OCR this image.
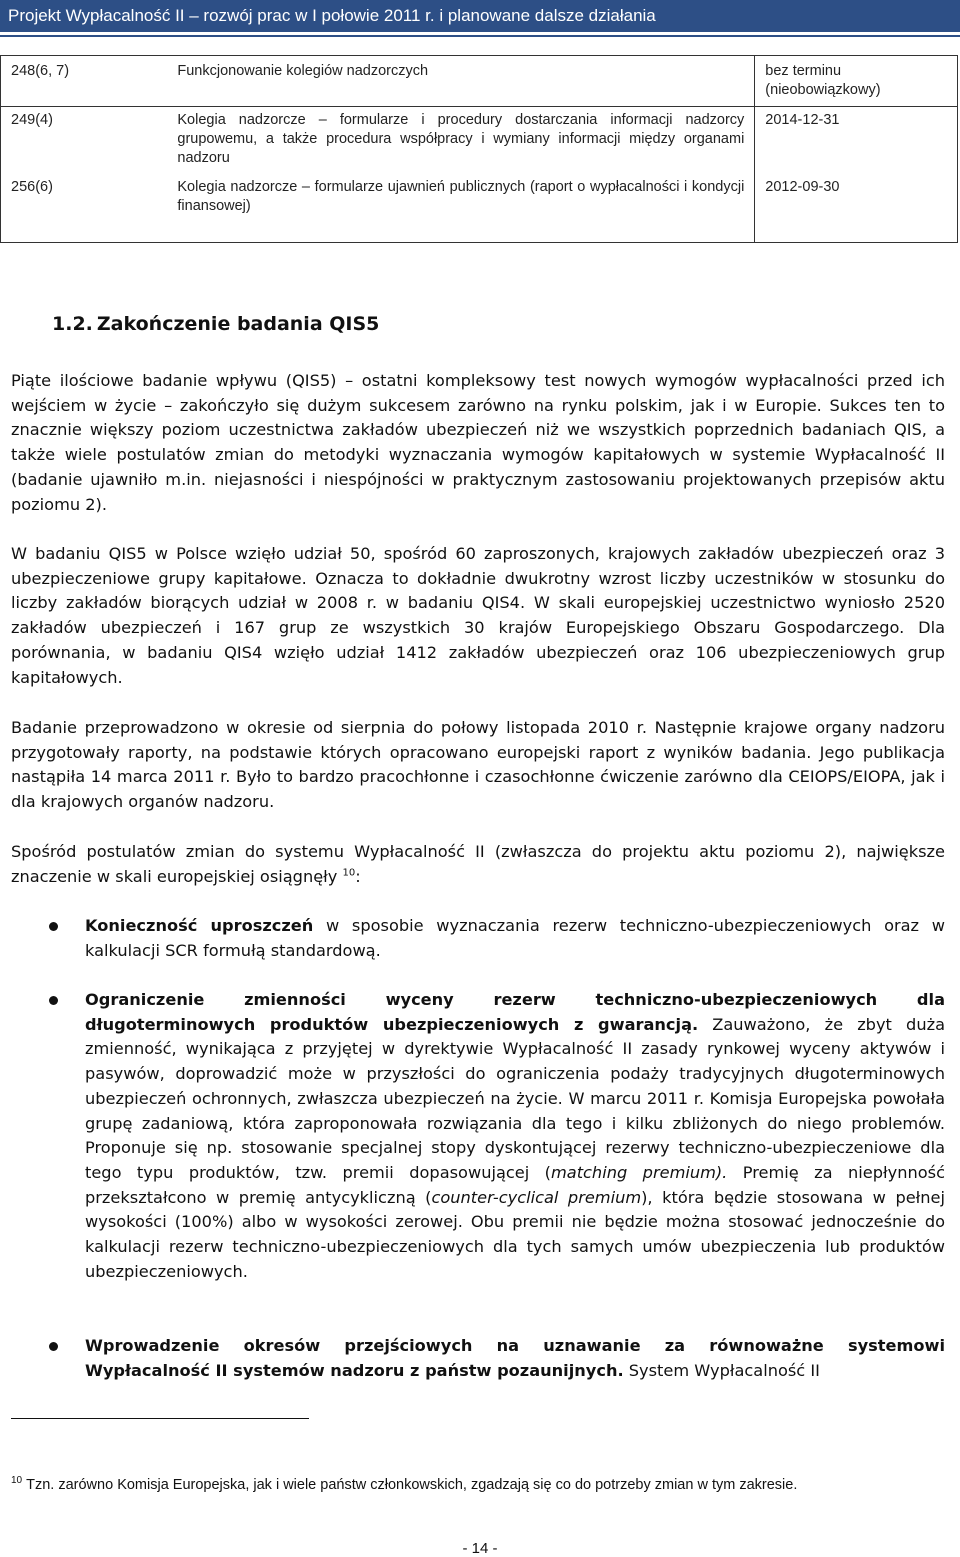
Projekt Wypłacalność II – rozwój prac w I połowie 2011 r. i planowane dalsze działania
248(6, 7)	Funkcjonowanie kolegiów nadzorczych	bez terminu (nieobowiązkowy)
249(4)	Kolegia nadzorcze – formularze i procedury dostarczania informacji nadzorcy grupowemu, a także procedura współpracy i wymiany informacji między organami nadzoru	2014-12-31
256(6)	Kolegia nadzorcze – formularze ujawnień publicznych (raport o wypłacalności i kondycji finansowej)	2012-09-30
1.2. Zakończenie badania QIS5

Piąte ilościowe badanie wpływu (QIS5) – ostatni kompleksowy test nowych wymogów wypłacalności przed ich wejściem w życie – zakończyło się dużym sukcesem zarówno na rynku polskim, jak i w Europie. Sukces ten to znacznie większy poziom uczestnictwa zakładów ubezpieczeń niż we wszystkich poprzednich badaniach QIS, a także wiele postulatów zmian do metodyki wyznaczania wymogów kapitałowych w systemie Wypłacalność II (badanie ujawniło m.in. niejasności i niespójności w praktycznym zastosowaniu projektowanych przepisów aktu poziomu 2).

W badaniu QIS5 w Polsce wzięło udział 50, spośród 60 zaproszonych, krajowych zakładów ubezpieczeń oraz 3 ubezpieczeniowe grupy kapitałowe. Oznacza to dokładnie dwukrotny wzrost liczby uczestników w stosunku do liczby zakładów biorących udział w 2008 r. w badaniu QIS4. W skali europejskiej uczestnictwo wyniosło 2520 zakładów ubezpieczeń i 167 grup ze wszystkich 30 krajów Europejskiego Obszaru Gospodarczego. Dla porównania, w badaniu QIS4 wzięło udział 1412 zakładów ubezpieczeń oraz 106 ubezpieczeniowych grup kapitałowych.

Badanie przeprowadzono w okresie od sierpnia do połowy listopada 2010 r. Następnie krajowe organy nadzoru przygotowały raporty, na podstawie których opracowano europejski raport z wyników badania. Jego publikacja nastąpiła 14 marca 2011 r. Było to bardzo pracochłonne i czasochłonne ćwiczenie zarówno dla CEIOPS/EIOPA, jak i dla krajowych organów nadzoru.

Spośród postulatów zmian do systemu Wypłacalność II (zwłaszcza do projektu aktu poziomu 2), największe znaczenie w skali europejskiej osiągnęły $^{10}$:

Konieczność uproszczeń w sposobie wyznaczania rezerw techniczno-ubezpieczeniowych oraz w kalkulacji SCR formułą standardową.

Ograniczenie zmienności wyceny rezerw techniczno-ubezpieczeniowych dla długoterminowych produktów ubezpieczeniowych z gwarancją. Zauważono, że zbyt duża zmienność, wynikająca z przyjętej w dyrektywie Wypłacalność II zasady rynkowej wyceny aktywów i pasywów, doprowadzić może w przyszłości do ograniczenia podaży tradycyjnych długoterminowych ubezpieczeń ochronnych, zwłaszcza ubezpieczeń na życie. W marcu 2011 r. Komisja Europejska powołała grupę zadaniową, która zaproponowała rozwiązania dla tego i kilku zbliżonych do niego problemów. Proponuje się np. stosowanie specjalnej stopy dyskontującej rezerwy techniczno-ubezpieczeniowe dla tego typu produktów, tzw. premii dopasowującej (matching premium). Premię za niepłynność przekształcono w premię antycykliczną (counter-cyclical premium), która będzie stosowana w pełnej wysokości (100%) albo w wysokości zerowej. Obu premii nie będzie można stosować jednocześnie do kalkulacji rezerw techniczno-ubezpieczeniowych dla tych samych umów ubezpieczenia lub produktów ubezpieczeniowych.

Wprowadzenie okresów przejściowych na uznawanie za równoważne systemowi Wypłacalność II systemów nadzoru z państw pozaunijnych. System Wypłacalność II

$^{10}$ Tzn. zarówno Komisja Europejska, jak i wiele państw członkowskich, zgadzają się co do potrzeby zmian w tym zakresie.

- 14 -
